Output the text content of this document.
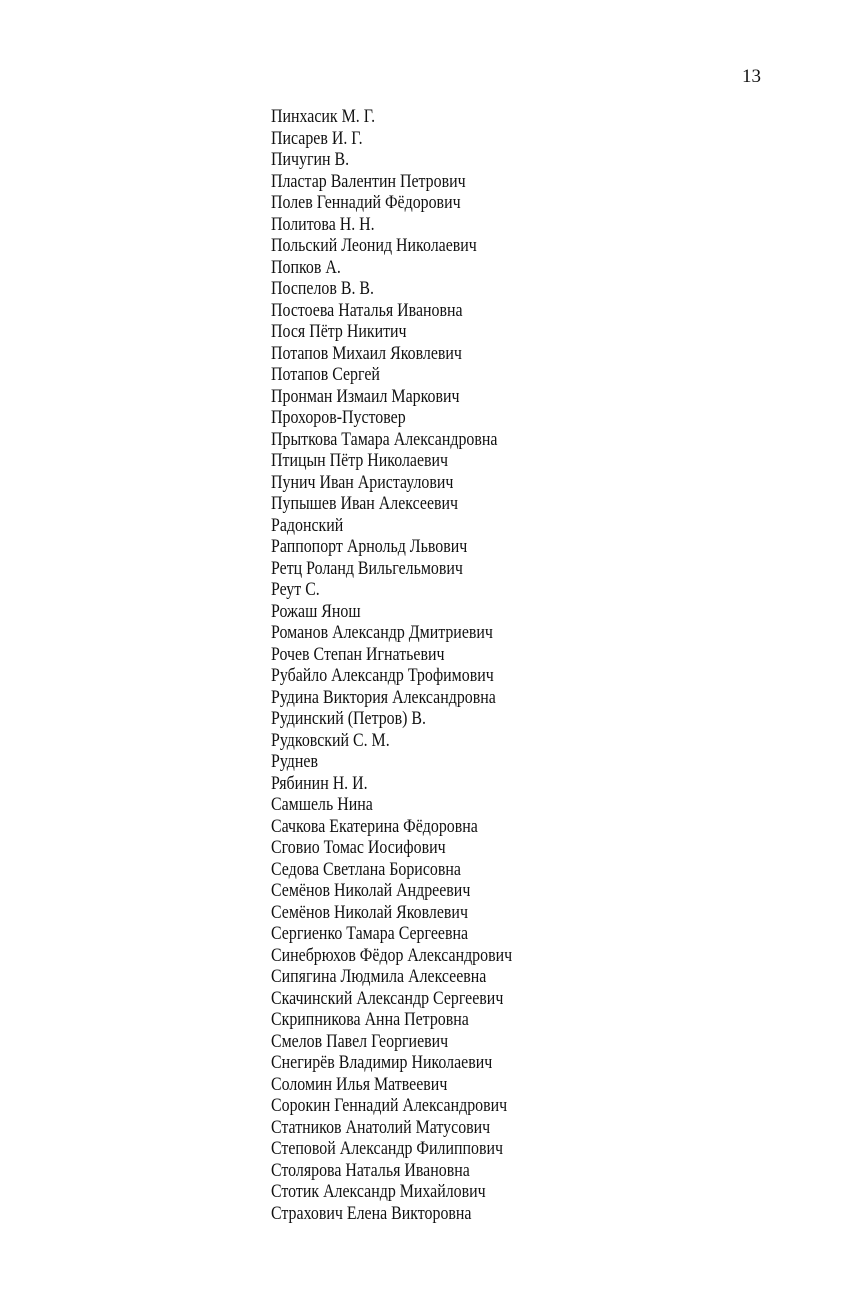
13
Пинхасик М. Г.
Писарев И. Г.
Пичугин В.
Пластар Валентин Петрович
Полев Геннадий Фёдорович
Политова Н. Н.
Польский Леонид Николаевич
Попков А.
Поспелов В. В.
Постоева Наталья Ивановна
Пося Пётр Никитич
Потапов Михаил Яковлевич
Потапов Сергей
Пронман Измаил Маркович
Прохоров-Пустовер
Прыткова Тамара Александровна
Птицын Пётр Николаевич
Пунич Иван Аристаулович
Пупышев Иван Алексеевич
Радонский
Раппопорт Арнольд Львович
Ретц Роланд Вильгельмович
Реут С.
Рожаш Янош
Романов Александр Дмитриевич
Рочев Степан Игнатьевич
Рубайло Александр Трофимович
Рудина Виктория Александровна
Рудинский (Петров) В.
Рудковский С. М.
Руднев
Рябинин Н. И.
Самшель Нина
Сачкова Екатерина Фёдоровна
Сговио Томас Иосифович
Седова Светлана Борисовна
Семёнов Николай Андреевич
Семёнов Николай Яковлевич
Сергиенко Тамара Сергеевна
Синебрюхов Фёдор Александрович
Сипягина Людмила Алексеевна
Скачинский Александр Сергеевич
Скрипникова Анна Петровна
Смелов Павел Георгиевич
Снегирёв Владимир Николаевич
Соломин Илья Матвеевич
Сорокин Геннадий Александрович
Статников Анатолий Матусович
Степовой Александр Филиппович
Столярова Наталья Ивановна
Стотик Александр Михайлович
Страхович Елена Викторовна
